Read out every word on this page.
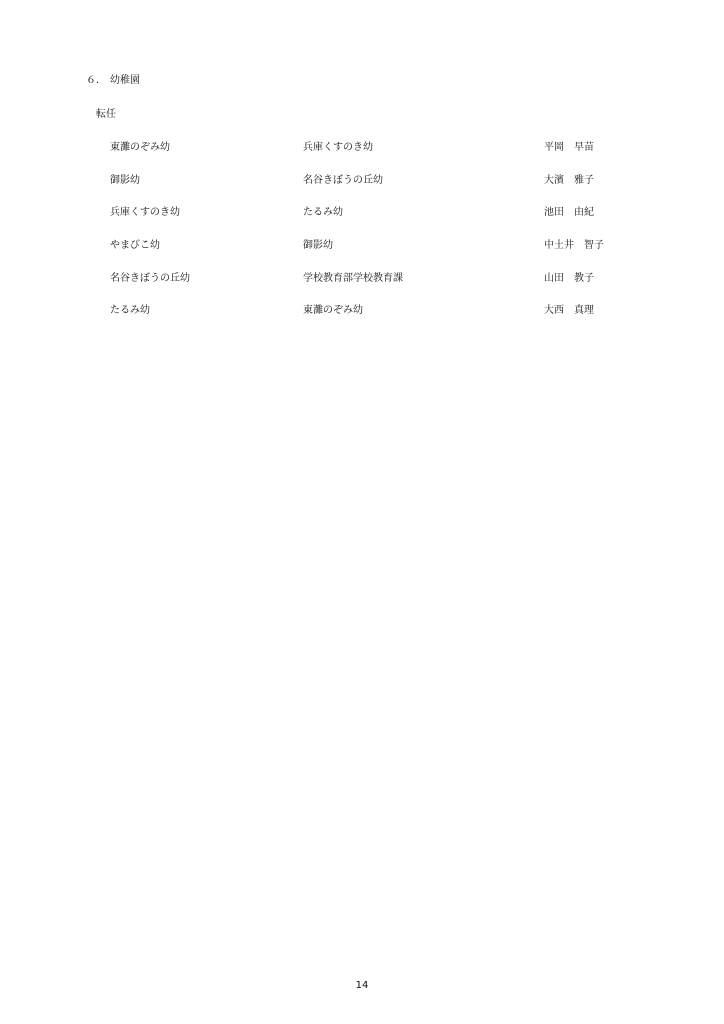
６． 幼稚園
転任
東灘のぞみ幼	兵庫くすのき幼	平岡　早苗
御影幼	名谷きぼうの丘幼	大濱　雅子
兵庫くすのき幼	たるみ幼	池田　由紀
やまびこ幼	御影幼	中土井　智子
名谷きぼうの丘幼	学校教育部学校教育課	山田　教子
たるみ幼	東灘のぞみ幼	大西　真理
14
